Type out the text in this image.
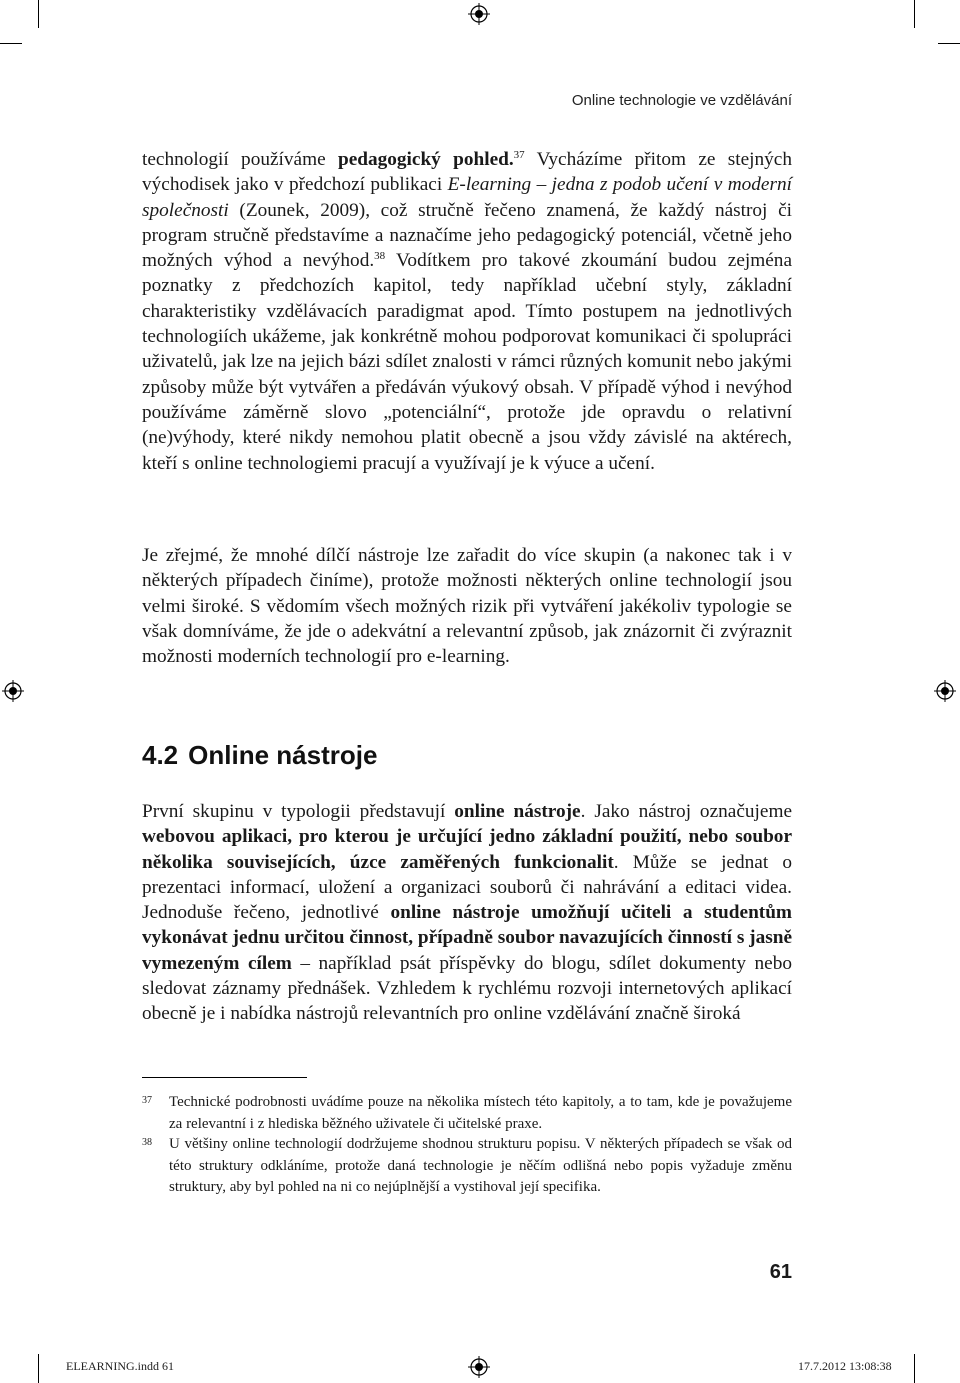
Online technologie ve vzdělávání
technologií používáme pedagogický pohled.$^{37}$ Vycházíme přitom ze stejných východisek jako v předchozí publikaci E-learning – jedna z podob učení v moderní společnosti (Zounek, 2009), což stručně řečeno znamená, že každý nástroj či program stručně představíme a naznačíme jeho pedagogický potenciál, včetně jeho možných výhod a nevýhod.$^{38}$ Vodítkem pro takové zkoumání budou zejména poznatky z předchozích kapitol, tedy například učební styly, základní charakteristiky vzdělávacích paradigmat apod. Tímto postupem na jednotlivých technologiích ukážeme, jak konkrétně mohou podporovat komunikaci či spolupráci uživatelů, jak lze na jejich bázi sdílet znalosti v rámci různých komunit nebo jakými způsoby může být vytvářen a předáván výukový obsah. V případě výhod i nevýhod používáme záměrně slovo „potenciální“, protože jde opravdu o relativní (ne)výhody, které nikdy nemohou platit obecně a jsou vždy závislé na aktérech, kteří s online technologiemi pracují a využívají je k výuce a učení.
Je zřejmé, že mnohé dílčí nástroje lze zařadit do více skupin (a nakonec tak i v některých případech činíme), protože možnosti některých online technologií jsou velmi široké. S vědomím všech možných rizik při vytváření jakékoliv typologie se však domníváme, že jde o adekvátní a relevantní způsob, jak znázornit či zvýraznit možnosti moderních technologií pro e-learning.
4.2 Online nástroje
První skupinu v typologii představují online nástroje. Jako nástroj označujeme webovou aplikaci, pro kterou je určující jedno základní použití, nebo soubor několika souvisejících, úzce zaměřených funkcionalit. Může se jednat o prezentaci informací, uložení a organizaci souborů či nahrávání a editaci videa. Jednoduše řečeno, jednotlivé online nástroje umožňují učiteli a studentům vykonávat jednu určitou činnost, případně soubor navazujících činností s jasně vymezeným cílem – například psát příspěvky do blogu, sdílet dokumenty nebo sledovat záznamy přednášek. Vzhledem k rychlému rozvoji internetových aplikací obecně je i nabídka nástrojů relevantních pro online vzdělávání značně široká
37 Technické podrobnosti uvádíme pouze na několika místech této kapitoly, a to tam, kde je považujeme za relevantní i z hlediska běžného uživatele či učitelské praxe.
38 U většiny online technologií dodržujeme shodnou strukturu popisu. V některých případech se však od této struktury odkláníme, protože daná technologie je něčím odlišná nebo popis vyžaduje změnu struktury, aby byl pohled na ni co nejúplnější a vystihoval její specifika.
61
ELEARNING.indd 61	17.7.2012 13:08:38
